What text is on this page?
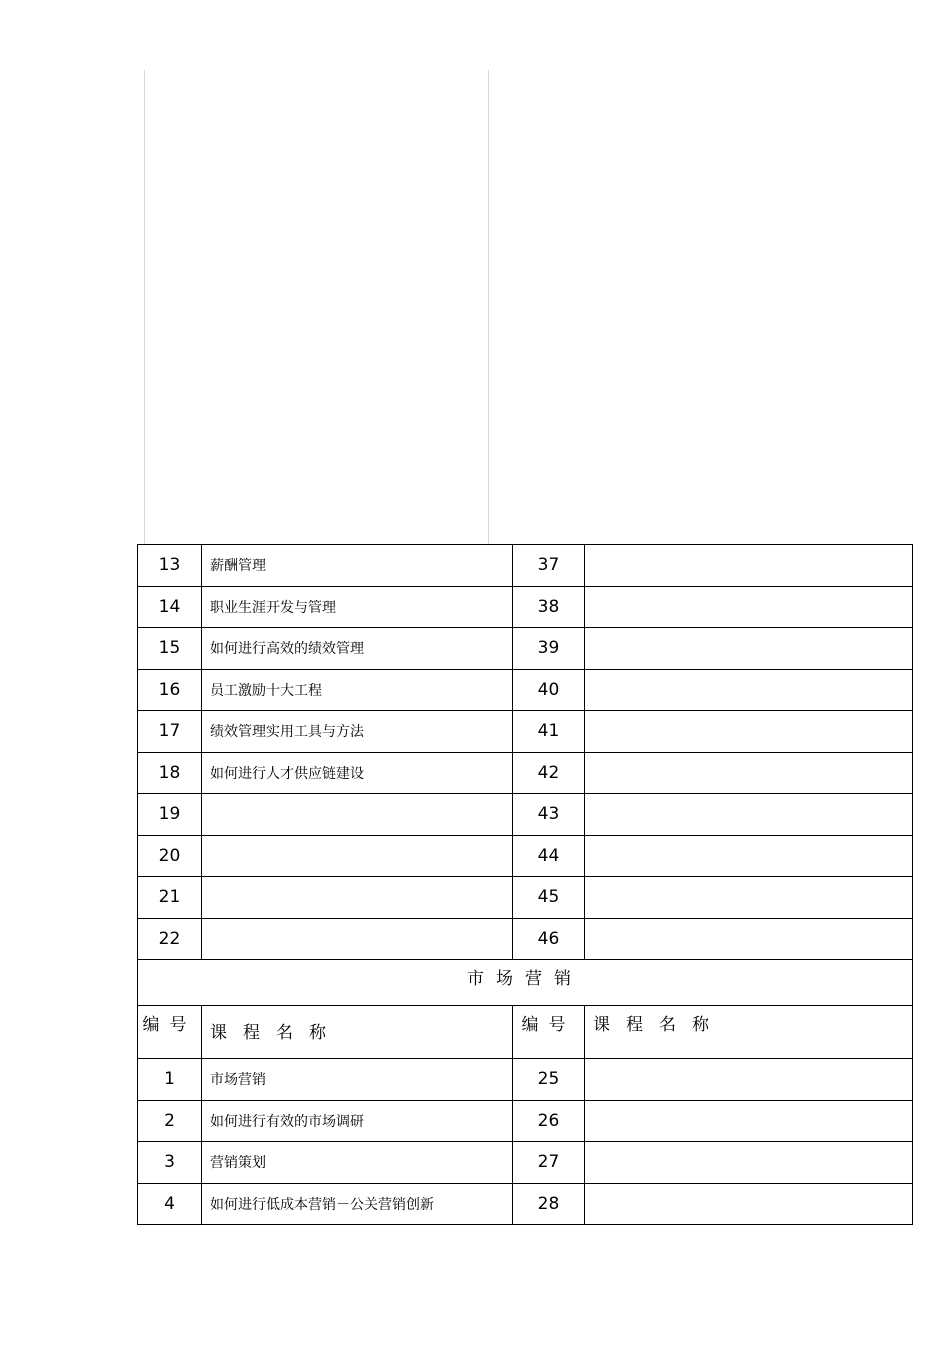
13	薪酬管理	37	
14	职业生涯开发与管理	38	
15	如何进行高效的绩效管理	39	
16	员工激励十大工程	40	
17	绩效管理实用工具与方法	41	
18	如何进行人才供应链建设	42	
19		43	
20		44	
21		45	
22		46	
市场营销			
编号	课程名称	编号	课程名称
1	市场营销	25	
2	如何进行有效的市场调研	26	
3	营销策划	27	
4	如何进行低成本营销－公关营销创新	28	
